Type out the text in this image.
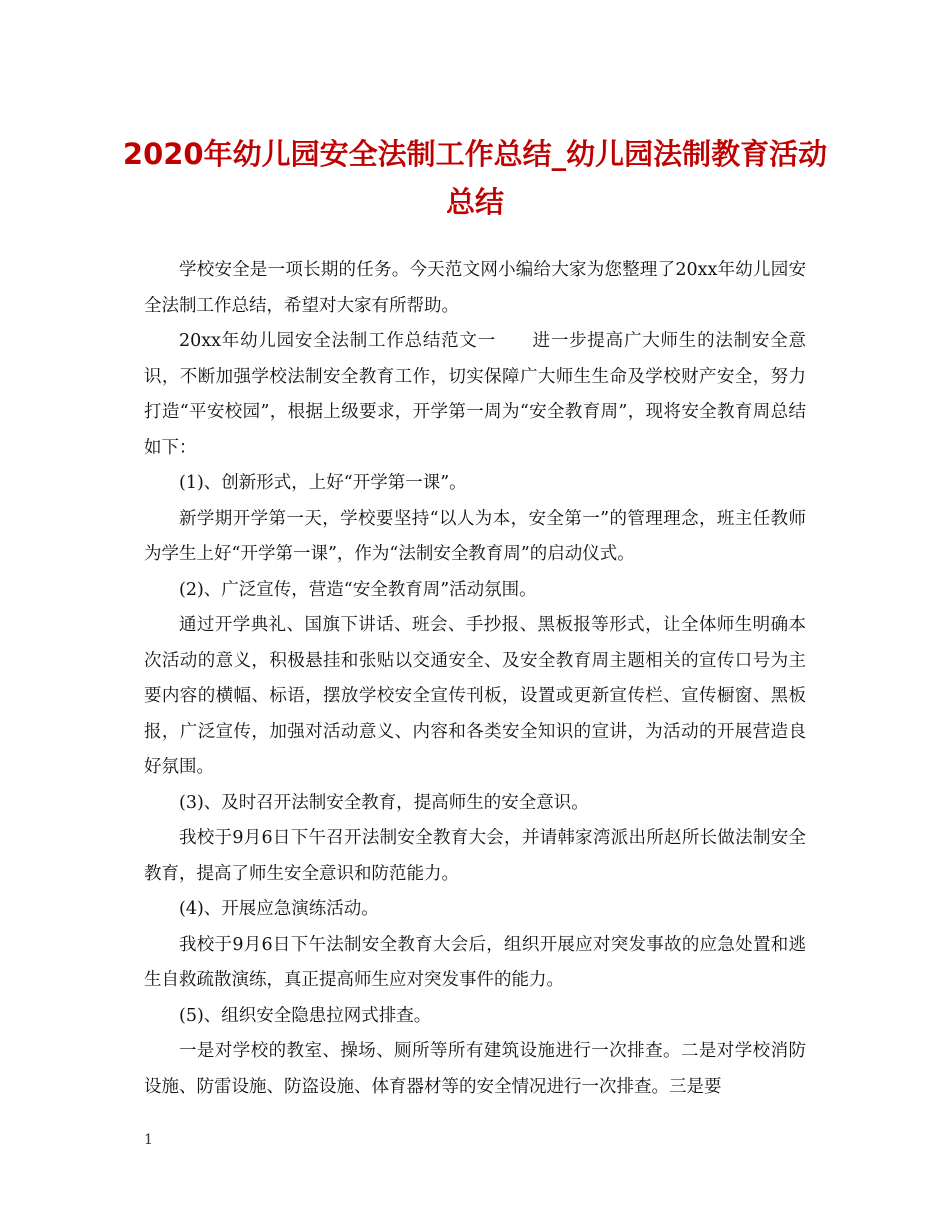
2020年幼儿园安全法制工作总结_幼儿园法制教育活动总结

学校安全是一项长期的任务。今天范文网小编给大家为您整理了20xx年幼儿园安全法制工作总结，希望对大家有所帮助。

20xx年幼儿园安全法制工作总结范文一　　进一步提高广大师生的法制安全意识，不断加强学校法制安全教育工作，切实保障广大师生生命及学校财产安全，努力打造“平安校园”，根据上级要求，开学第一周为“安全教育周”，现将安全教育周总结如下：

(1)、创新形式，上好“开学第一课”。

新学期开学第一天，学校要坚持“以人为本，安全第一”的管理理念，班主任教师为学生上好“开学第一课”，作为“法制安全教育周”的启动仪式。

(2)、广泛宣传，营造“安全教育周”活动氛围。

通过开学典礼、国旗下讲话、班会、手抄报、黑板报等形式，让全体师生明确本次活动的意义，积极悬挂和张贴以交通安全、及安全教育周主题相关的宣传口号为主要内容的横幅、标语，摆放学校安全宣传刊板，设置或更新宣传栏、宣传橱窗、黑板报，广泛宣传，加强对活动意义、内容和各类安全知识的宣讲，为活动的开展营造良好氛围。

(3)、及时召开法制安全教育，提高师生的安全意识。

我校于9月6日下午召开法制安全教育大会，并请韩家湾派出所赵所长做法制安全教育，提高了师生安全意识和防范能力。

(4)、开展应急演练活动。

我校于9月6日下午法制安全教育大会后，组织开展应对突发事故的应急处置和逃生自救疏散演练，真正提高师生应对突发事件的能力。

(5)、组织安全隐患拉网式排查。

一是对学校的教室、操场、厕所等所有建筑设施进行一次排查。二是对学校消防设施、防雷设施、防盗设施、体育器材等的安全情况进行一次排查。三是要

1
